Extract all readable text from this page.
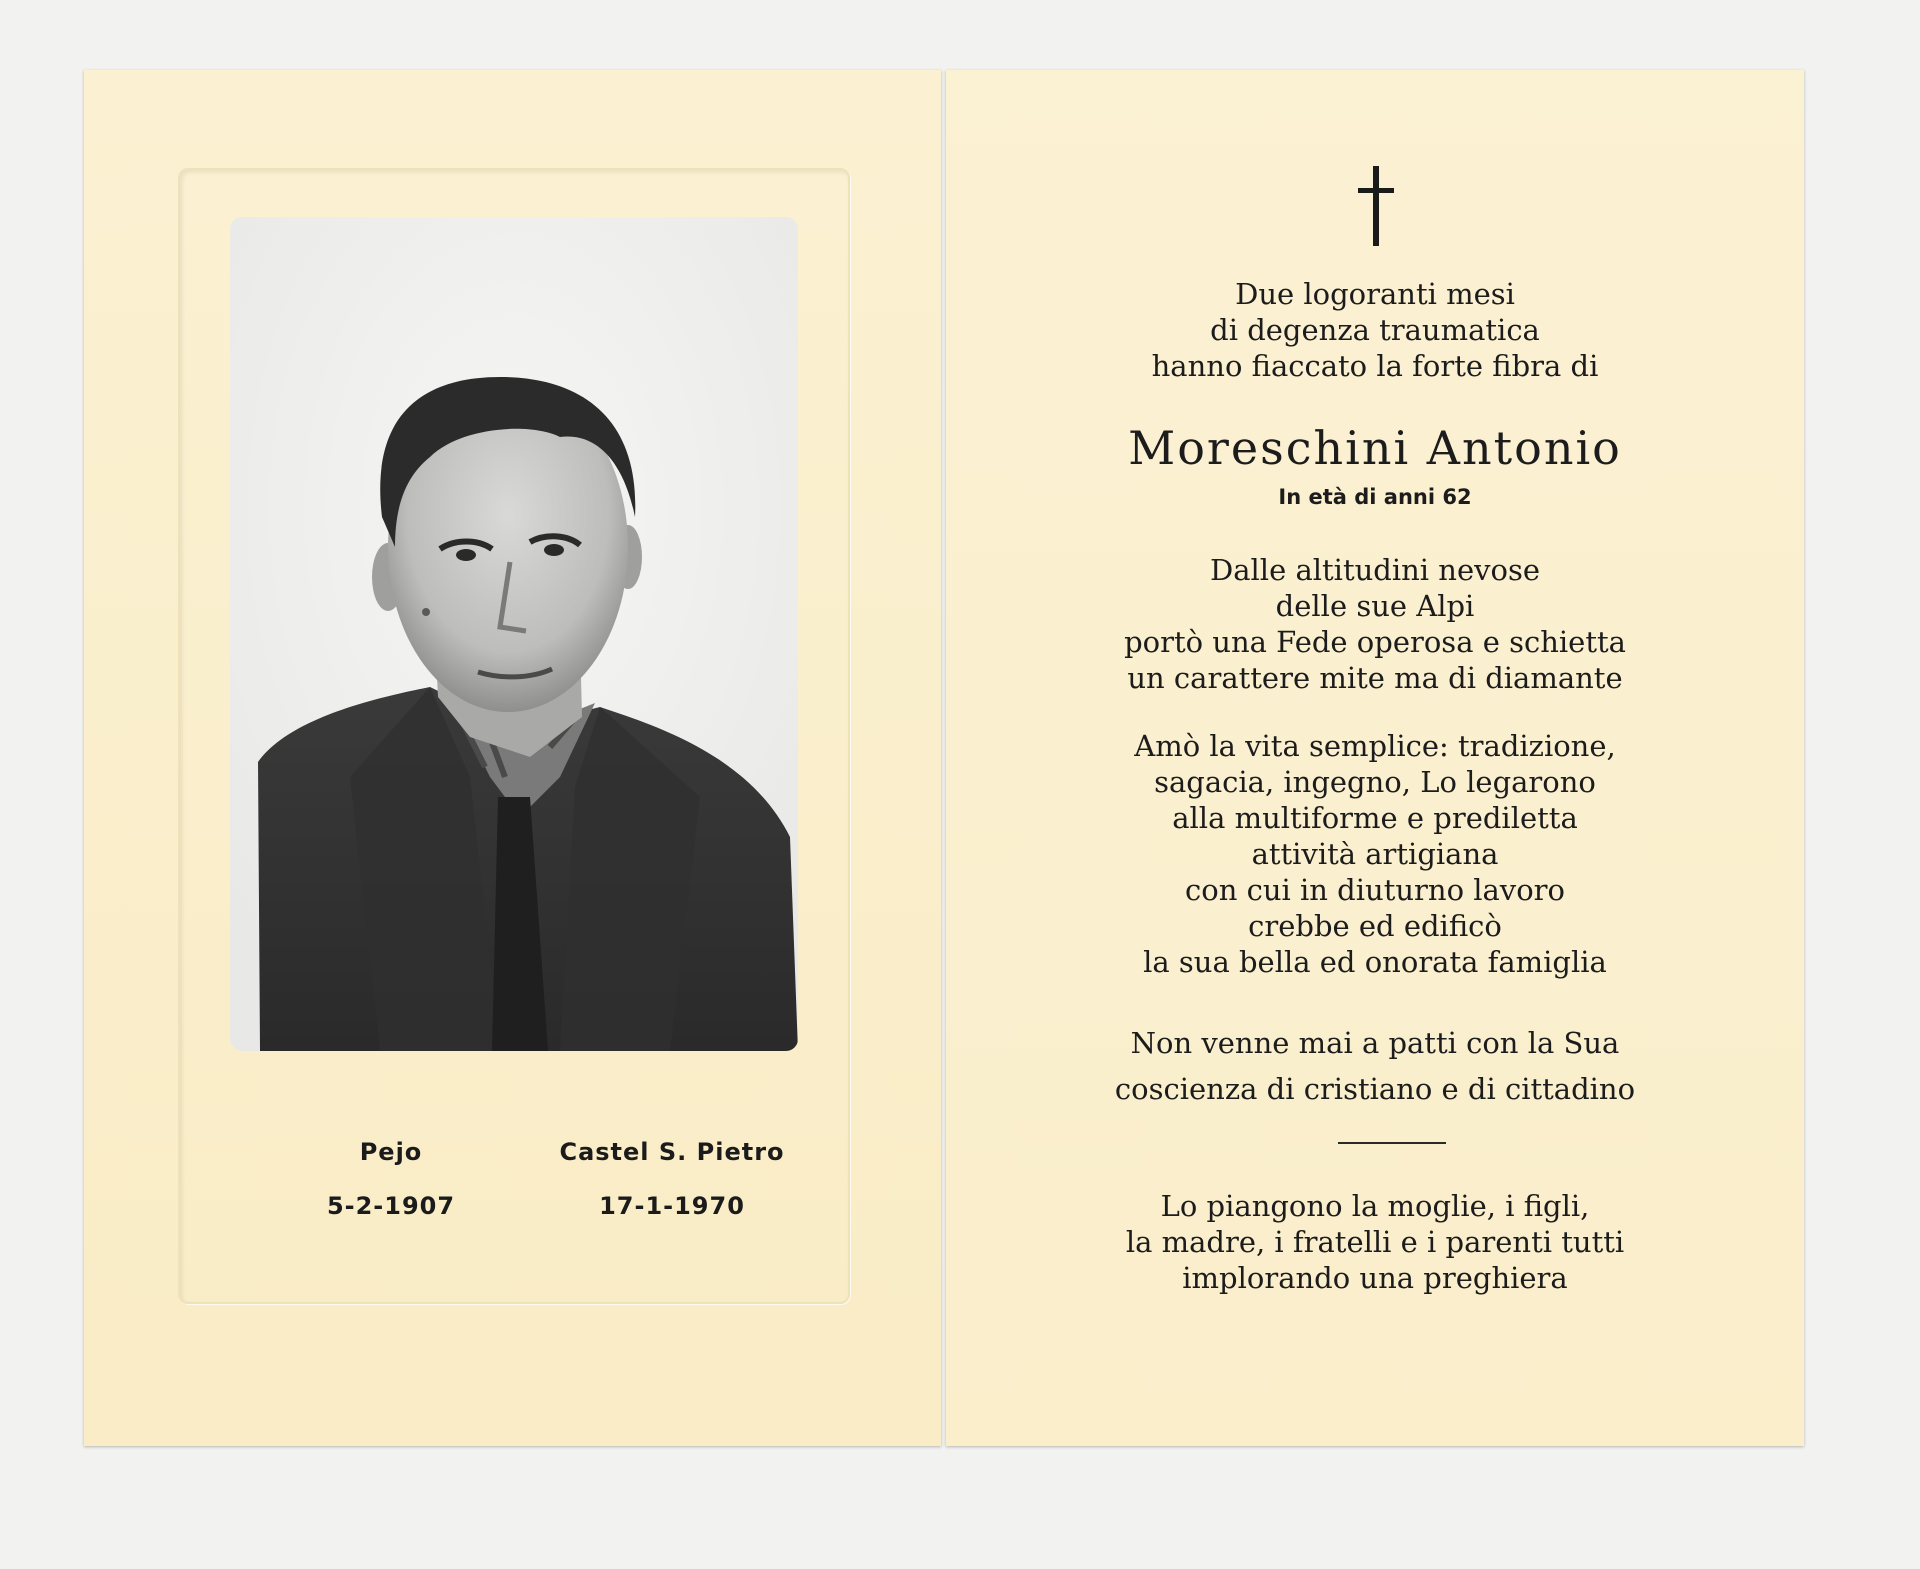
Pejo	Castel S. Pietro
5-2-1907	17-1-1970
Due logoranti mesi
di degenza traumatica
hanno fiaccato la forte fibra di
Moreschini Antonio
In età di anni 62
Dalle altitudini nevose
delle sue Alpi
portò una Fede operosa e schietta
un carattere mite ma di diamante
Amò la vita semplice: tradizione,
sagacia, ingegno, Lo legarono
alla multiforme e prediletta
attività artigiana
con cui in diuturno lavoro
crebbe ed edificò
la sua bella ed onorata famiglia
Non venne mai a patti con la Sua
coscienza di cristiano e di cittadino
Lo piangono la moglie, i figli,
la madre, i fratelli e i parenti tutti
implorando una preghiera
